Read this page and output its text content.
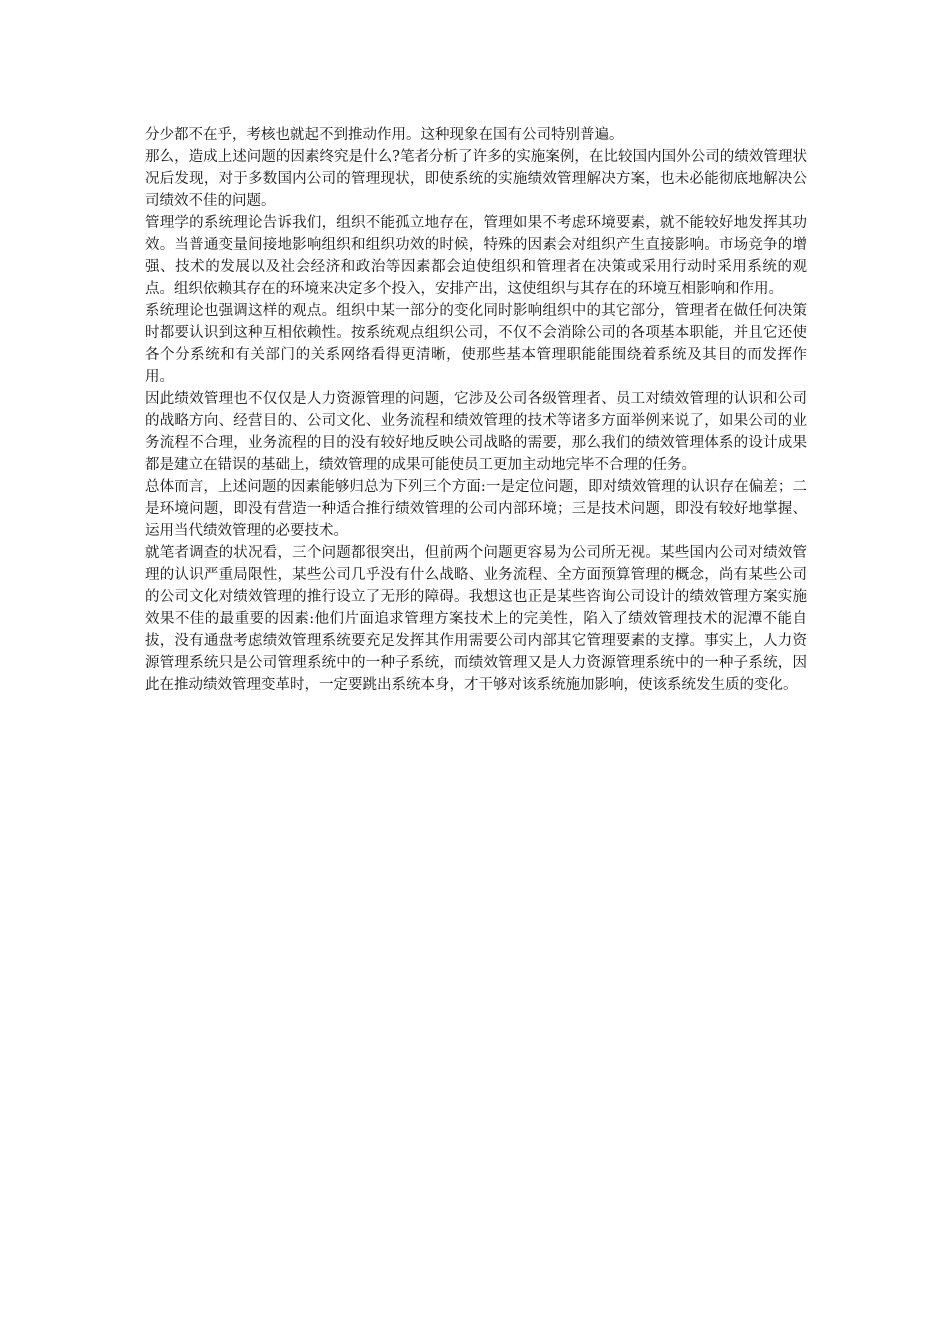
分少都不在乎，考核也就起不到推动作用。这种现象在国有公司特别普遍。

那么，造成上述问题的因素终究是什么?笔者分析了许多的实施案例，在比较国内国外公司的绩效管理状况后发现，对于多数国内公司的管理现状，即使系统的实施绩效管理解决方案，也未必能彻底地解决公司绩效不佳的问题。

管理学的系统理论告诉我们，组织不能孤立地存在，管理如果不考虑环境要素，就不能较好地发挥其功效。当普通变量间接地影响组织和组织功效的时候，特殊的因素会对组织产生直接影响。市场竞争的增强、技术的发展以及社会经济和政治等因素都会迫使组织和管理者在决策或采用行动时采用系统的观点。组织依赖其存在的环境来决定多个投入，安排产出，这使组织与其存在的环境互相影响和作用。

系统理论也强调这样的观点。组织中某一部分的变化同时影响组织中的其它部分，管理者在做任何决策时都要认识到这种互相依赖性。按系统观点组织公司，不仅不会消除公司的各项基本职能，并且它还使各个分系统和有关部门的关系网络看得更清晰，使那些基本管理职能能围绕着系统及其目的而发挥作用。

因此绩效管理也不仅仅是人力资源管理的问题，它涉及公司各级管理者、员工对绩效管理的认识和公司的战略方向、经营目的、公司文化、业务流程和绩效管理的技术等诸多方面举例来说了，如果公司的业务流程不合理，业务流程的目的没有较好地反映公司战略的需要，那么我们的绩效管理体系的设计成果都是建立在错误的基础上，绩效管理的成果可能使员工更加主动地完毕不合理的任务。

总体而言，上述问题的因素能够归总为下列三个方面:一是定位问题，即对绩效管理的认识存在偏差；二是环境问题，即没有营造一种适合推行绩效管理的公司内部环境；三是技术问题，即没有较好地掌握、运用当代绩效管理的必要技术。

就笔者调查的状况看，三个问题都很突出，但前两个问题更容易为公司所无视。某些国内公司对绩效管理的认识严重局限性，某些公司几乎没有什么战略、业务流程、全方面预算管理的概念，尚有某些公司的公司文化对绩效管理的推行设立了无形的障碍。我想这也正是某些咨询公司设计的绩效管理方案实施效果不佳的最重要的因素:他们片面追求管理方案技术上的完美性，陷入了绩效管理技术的泥潭不能自拔，没有通盘考虑绩效管理系统要充足发挥其作用需要公司内部其它管理要素的支撑。事实上，人力资源管理系统只是公司管理系统中的一种子系统，而绩效管理又是人力资源管理系统中的一种子系统，因此在推动绩效管理变革时，一定要跳出系统本身，才干够对该系统施加影响，使该系统发生质的变化。
